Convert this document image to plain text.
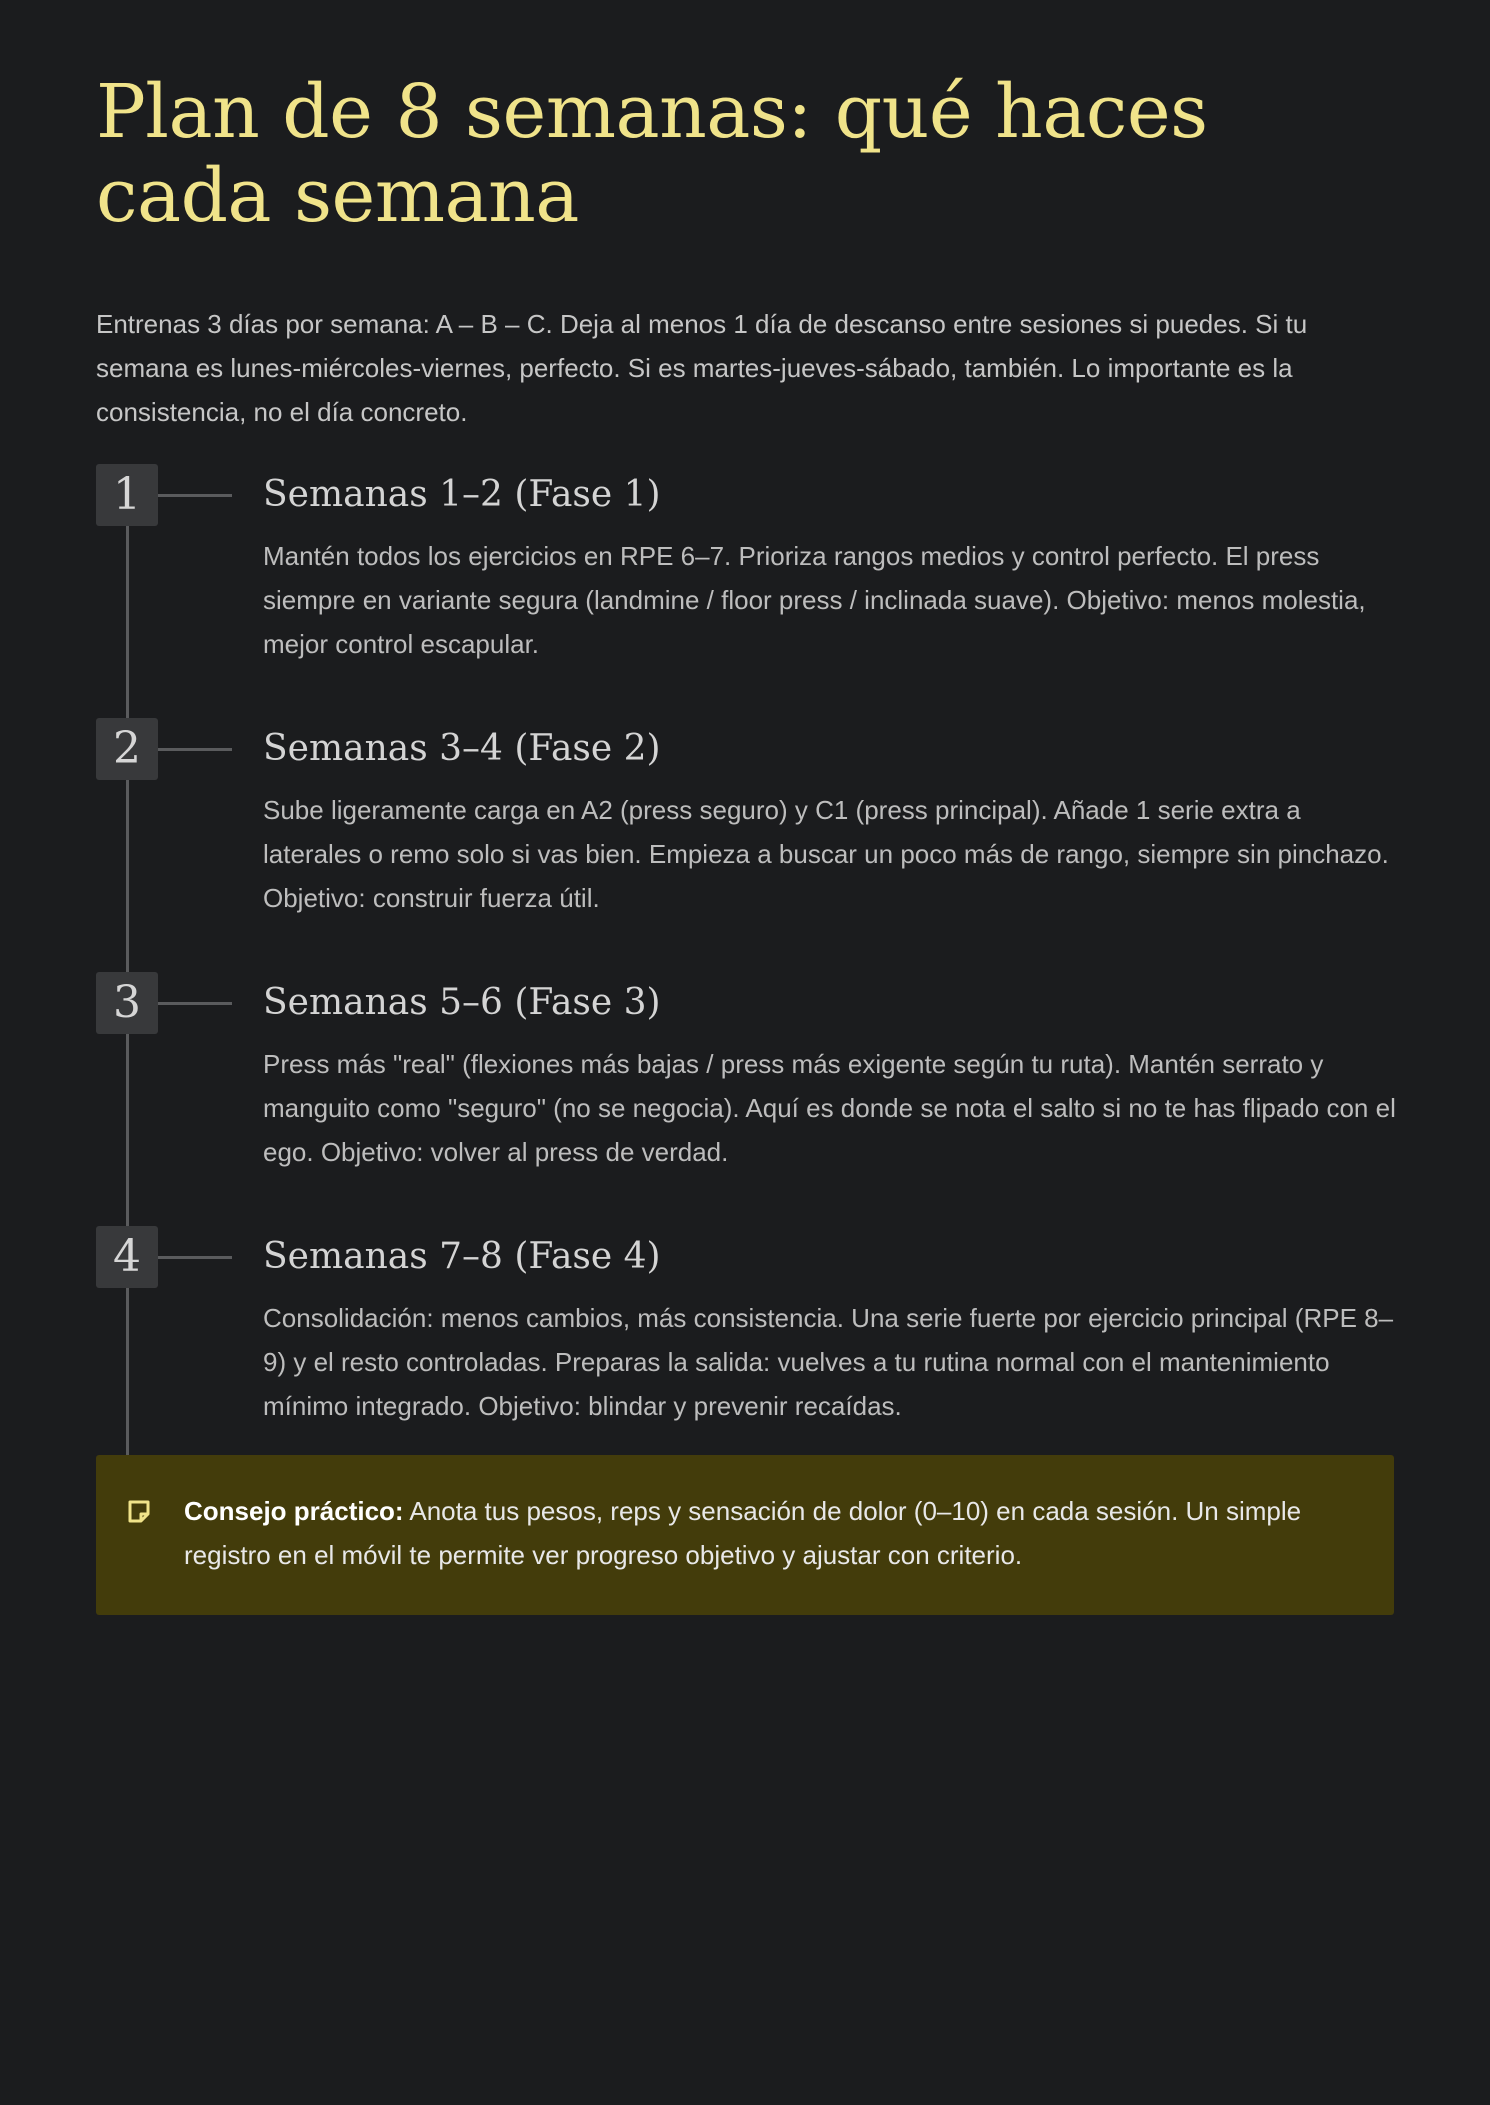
Plan de 8 semanas: qué haces cada semana

Entrenas 3 días por semana: A – B – C. Deja al menos 1 día de descanso entre sesiones si puedes. Si tu semana es lunes-miércoles-viernes, perfecto. Si es martes-jueves-sábado, también. Lo importante es la consistencia, no el día concreto.

1	Semanas 1–2 (Fase 1)

Mantén todos los ejercicios en RPE 6–7. Prioriza rangos medios y control perfecto. El press siempre en variante segura (landmine / floor press / inclinada suave). Objetivo: menos molestia, mejor control escapular.

2	Semanas 3–4 (Fase 2)

Sube ligeramente carga en A2 (press seguro) y C1 (press principal). Añade 1 serie extra a laterales o remo solo si vas bien. Empieza a buscar un poco más de rango, siempre sin pinchazo. Objetivo: construir fuerza útil.

3	Semanas 5–6 (Fase 3)

Press más "real" (flexiones más bajas / press más exigente según tu ruta). Mantén serrato y manguito como "seguro" (no se negocia). Aquí es donde se nota el salto si no te has flipado con el ego. Objetivo: volver al press de verdad.

4	Semanas 7–8 (Fase 4)

Consolidación: menos cambios, más consistencia. Una serie fuerte por ejercicio principal (RPE 8–9) y el resto controladas. Preparas la salida: vuelves a tu rutina normal con el mantenimiento mínimo integrado. Objetivo: blindar y prevenir recaídas.

Consejo práctico: Anota tus pesos, reps y sensación de dolor (0–10) en cada sesión. Un simple registro en el móvil te permite ver progreso objetivo y ajustar con criterio.
